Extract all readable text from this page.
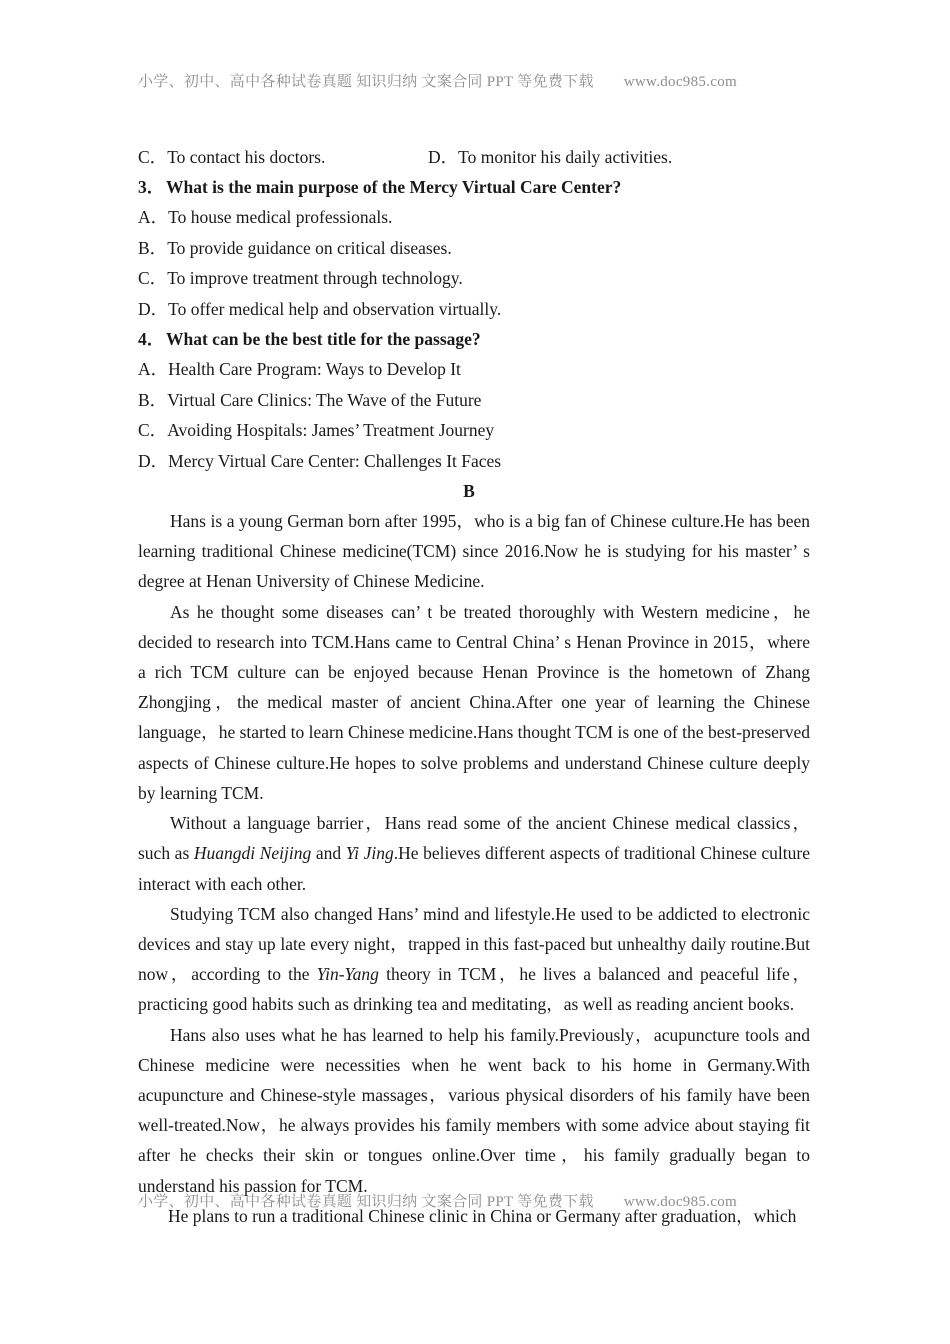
小学、初中、高中各种试卷真题 知识归纳 文案合同 PPT 等免费下载 www.doc985.com
C．To contact his doctors.	D．To monitor his daily activities.
3． What is the main purpose of the Mercy Virtual Care Center?
A．To house medical professionals.
B．To provide guidance on critical diseases.
C．To improve treatment through technology.
D．To offer medical help and observation virtually.
4． What can be the best title for the passage?
A．Health Care Program: Ways to Develop It
B．Virtual Care Clinics: The Wave of the Future
C．Avoiding Hospitals: James’ Treatment Journey
D．Mercy Virtual Care Center: Challenges It Faces
B

Hans is a young German born after 1995，who is a big fan of Chinese culture.He has been learning traditional Chinese medicine(TCM) since 2016.Now he is studying for his master’ s degree at Henan University of Chinese Medicine.

As he thought some diseases can’ t be treated thoroughly with Western medicine，he decided to research into TCM.Hans came to Central China’ s Henan Province in 2015，where a rich TCM culture can be enjoyed because Henan Province is the hometown of Zhang Zhongjing，the medical master of ancient China.After one year of learning the Chinese language，he started to learn Chinese medicine.Hans thought TCM is one of the best-preserved aspects of Chinese culture.He hopes to solve problems and understand Chinese culture deeply by learning TCM.

Without a language barrier，Hans read some of the ancient Chinese medical classics，such as Huangdi Neijing and Yi Jing.He believes different aspects of traditional Chinese culture interact with each other.

Studying TCM also changed Hans’ mind and lifestyle.He used to be addicted to electronic devices and stay up late every night，trapped in this fast-paced but unhealthy daily routine.But now，according to the Yin-Yang theory in TCM，he lives a balanced and peaceful life，practicing good habits such as drinking tea and meditating，as well as reading ancient books.

Hans also uses what he has learned to help his family.Previously，acupuncture tools and Chinese medicine were necessities when he went back to his home in Germany.With acupuncture and Chinese-style massages，various physical disorders of his family have been well-treated.Now，he always provides his family members with some advice about staying fit after he checks their skin or tongues online.Over time，his family gradually began to understand his passion for TCM.

He plans to run a traditional Chinese clinic in China or Germany after graduation，which

小学、初中、高中各种试卷真题 知识归纳 文案合同 PPT 等免费下载 www.doc985.com
